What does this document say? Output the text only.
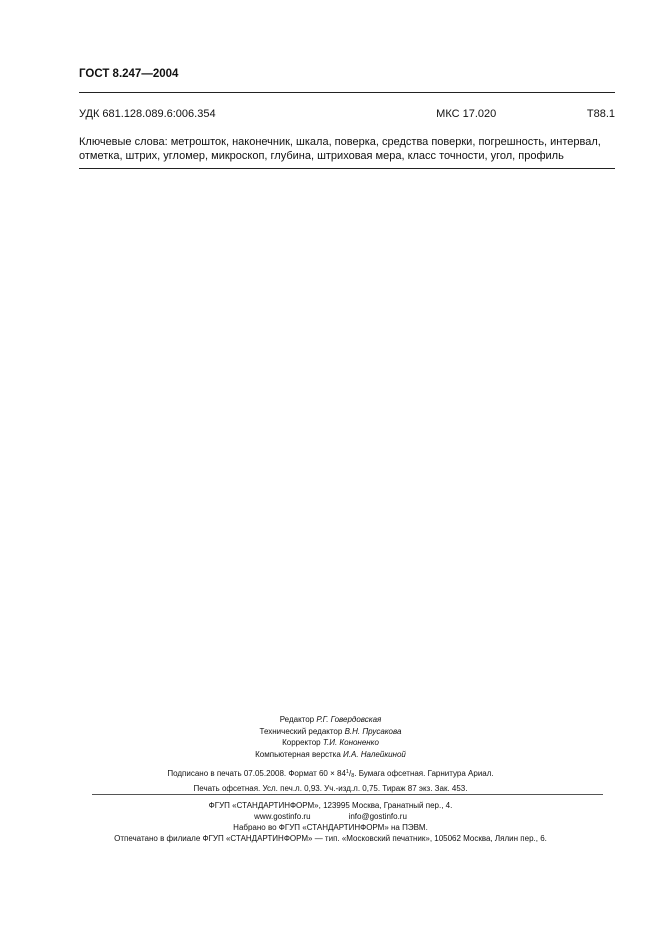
ГОСТ 8.247—2004
УДК 681.128.089.6:006.354	МКС 17.020	Т88.1
Ключевые слова: метрошток, наконечник, шкала, поверка, средства поверки, погрешность, интервал, отметка, штрих, угломер, микроскоп, глубина, штриховая мера, класс точности, угол, профиль
Редактор Р.Г. Говердовская
Технический редактор В.Н. Прусакова
Корректор Т.И. Кононенко
Компьютерная верстка И.А. Налейкиной
Подписано в печать 07.05.2008. Формат $60 \times 84^1/_8$. Бумага офсетная. Гарнитура Ариал.
Печать офсетная. Усл. печ.л. 0,93. Уч.-изд.л. 0,75. Тираж 87 экз. Зак. 453.
ФГУП «СТАНДАРТИНФОРМ», 123995 Москва, Гранатный пер., 4.
www.gostinfo.ru	info@gostinfo.ru
Набрано во ФГУП «СТАНДАРТИНФОРМ» на ПЭВМ.
Отпечатано в филиале ФГУП «СТАНДАРТИНФОРМ» — тип. «Московский печатник», 105062 Москва, Лялин пер., 6.
